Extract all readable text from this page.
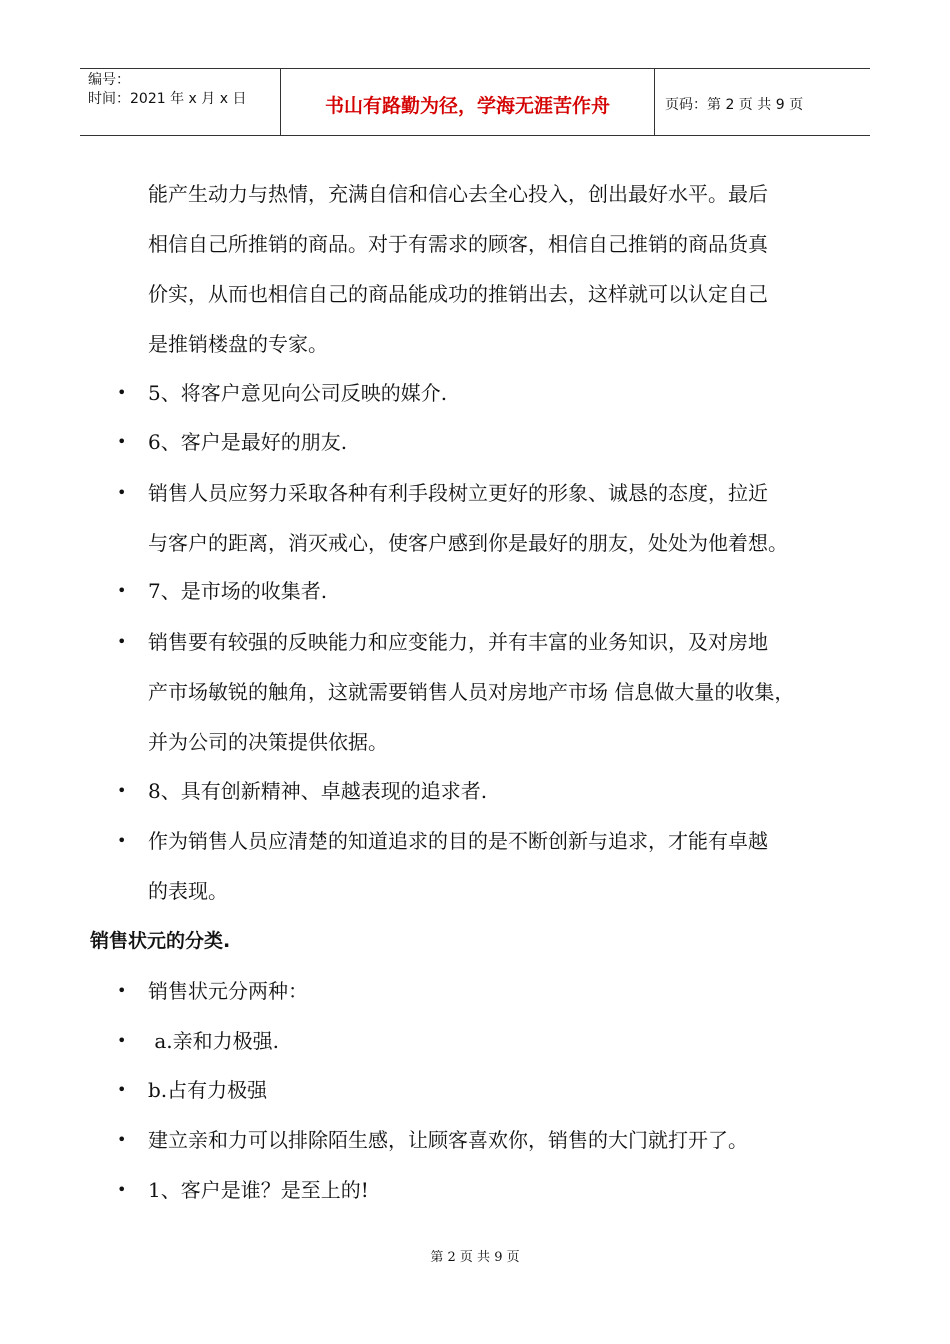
编号：
时间：2021 年 x 月 x 日	书山有路勤为径，学海无涯苦作舟	页码：第 2 页 共 9 页
能产生动力与热情，充满自信和信心去全心投入，创出最好水平。最后
相信自己所推销的商品。对于有需求的顾客，相信自己推销的商品货真
价实，从而也相信自己的商品能成功的推销出去，这样就可以认定自己
是推销楼盘的专家。
• 5、将客户意见向公司反映的媒介.
• 6、客户是最好的朋友.
• 销售人员应努力采取各种有利手段树立更好的形象、诚恳的态度，拉近
与客户的距离，消灭戒心，使客户感到你是最好的朋友，处处为他着想。
• 7、是市场的收集者.
• 销售要有较强的反映能力和应变能力，并有丰富的业务知识，及对房地
产市场敏锐的触角，这就需要销售人员对房地产市场 信息做大量的收集，
并为公司的决策提供依据。
• 8、具有创新精神、卓越表现的追求者.
• 作为销售人员应清楚的知道追求的目的是不断创新与追求，才能有卓越
的表现。
销售状元的分类.
• 销售状元分两种：
• a.亲和力极强.
• b.占有力极强
• 建立亲和力可以排除陌生感，让顾客喜欢你，销售的大门就打开了。
• 1、客户是谁？是至上的!
第 2 页 共 9 页
